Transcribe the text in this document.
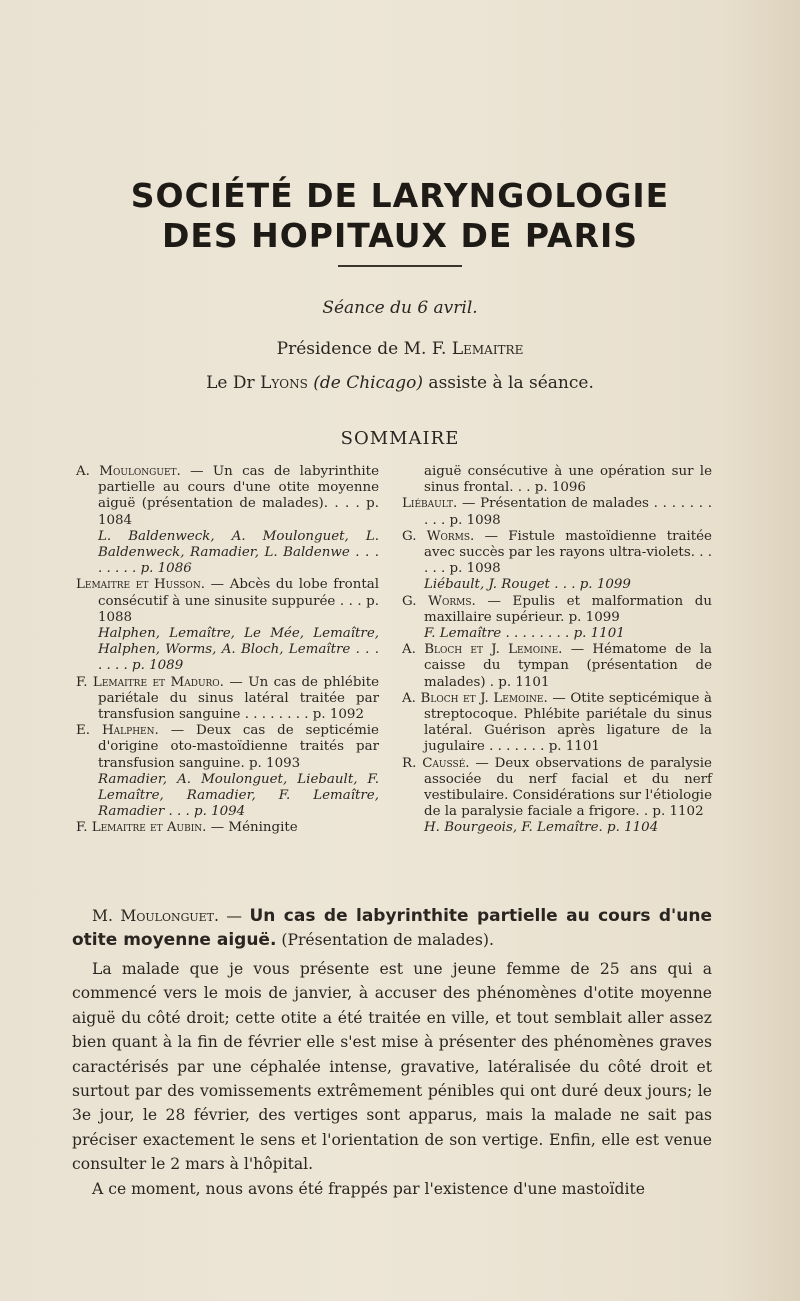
SOCIÉTÉ DE LARYNGOLOGIE
DES HOPITAUX DE PARIS
Séance du 6 avril.
Présidence de M. F. Lemaitre
Le Dr Lyons (de Chicago) assiste à la séance.
SOMMAIRE

A. Moulonguet. — Un cas de labyrinthite partielle au cours d'une otite moyenne aiguë (présentation de malades). . . . p. 1084

L. Baldenweck, A. Moulonguet, L. Baldenweck, Ramadier, L. Baldenwe . . . . . . . . p. 1086

Lemaitre et Husson. — Abcès du lobe frontal consécutif à une sinusite suppurée . . . p. 1088

Halphen, Lemaître, Le Mée, Lemaître, Halphen, Worms, A. Bloch, Lemaître . . . . . . . p. 1089

F. Lemaitre et Maduro. — Un cas de phlébite pariétale du sinus latéral traitée par transfusion sanguine . . . . . . . . p. 1092

E. Halphen. — Deux cas de septicémie d'origine oto-mastoïdienne traités par transfusion sanguine. p. 1093

Ramadier, A. Moulonguet, Liebault, F. Lemaître, Ramadier, F. Lemaître, Ramadier . . . p. 1094

F. Lemaitre et Aubin. — Méningite

aiguë consécutive à une opération sur le sinus frontal. . . p. 1096

Liébault. — Présentation de malades . . . . . . . . . . p. 1098

G. Worms. — Fistule mastoïdienne traitée avec succès par les rayons ultra-violets. . . . . . p. 1098

Liébault, J. Rouget . . . p. 1099

G. Worms. — Epulis et malformation du maxillaire supérieur. p. 1099

F. Lemaître . . . . . . . . p. 1101

A. Bloch et J. Lemoine. — Hématome de la caisse du tympan (présentation de malades) . p. 1101

A. Bloch et J. Lemoine. — Otite septicémique à streptocoque. Phlébite pariétale du sinus latéral. Guérison après ligature de la jugulaire . . . . . . . p. 1101

R. Caussé. — Deux observations de paralysie associée du nerf facial et du nerf vestibulaire. Considérations sur l'étiologie de la paralysie faciale a frigore. . p. 1102

H. Bourgeois, F. Lemaître. p. 1104

M. Moulonguet. — Un cas de labyrinthite partielle au cours d'une otite moyenne aiguë. (Présentation de malades).

La malade que je vous présente est une jeune femme de 25 ans qui a commencé vers le mois de janvier, à accuser des phénomènes d'otite moyenne aiguë du côté droit; cette otite a été traitée en ville, et tout semblait aller assez bien quant à la fin de février elle s'est mise à présenter des phénomènes graves caractérisés par une céphalée intense, gravative, latéralisée du côté droit et surtout par des vomissements extrêmement pénibles qui ont duré deux jours; le 3e jour, le 28 février, des vertiges sont apparus, mais la malade ne sait pas préciser exactement le sens et l'orientation de son vertige. Enfin, elle est venue consulter le 2 mars à l'hôpital.

A ce moment, nous avons été frappés par l'existence d'une mastoïdite
